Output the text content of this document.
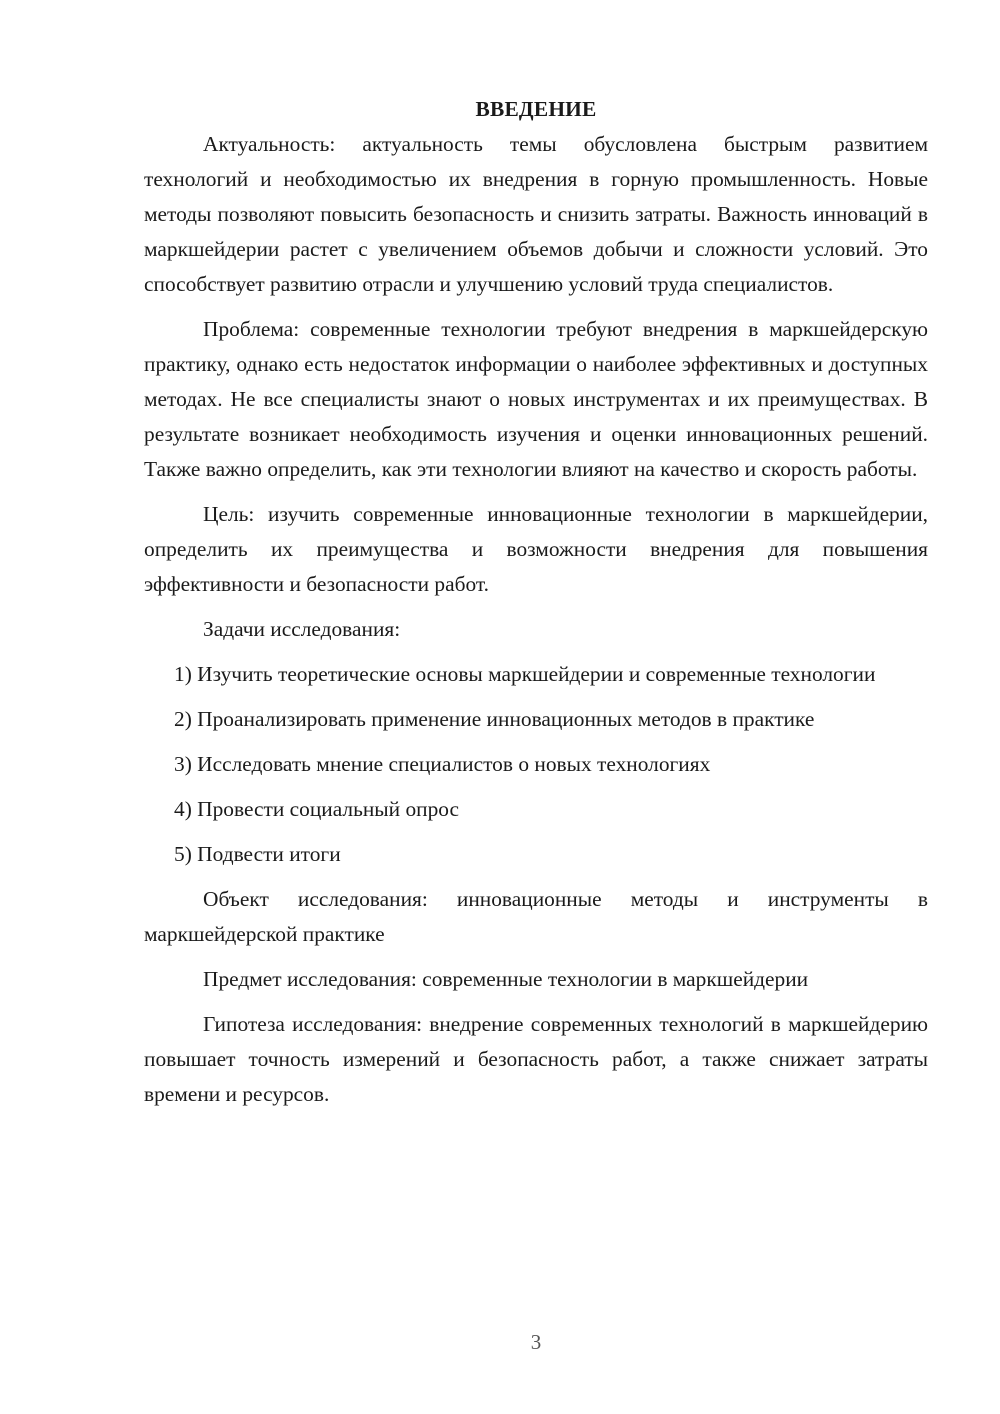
ВВЕДЕНИЕ

Актуальность: актуальность темы обусловлена быстрым развитием технологий и необходимостью их внедрения в горную промышленность. Новые методы позволяют повысить безопасность и снизить затраты. Важность инноваций в маркшейдерии растет с увеличением объемов добычи и сложности условий. Это способствует развитию отрасли и улучшению условий труда специалистов.

Проблема: современные технологии требуют внедрения в маркшейдерскую практику, однако есть недостаток информации о наиболее эффективных и доступных методах. Не все специалисты знают о новых инструментах и их преимуществах. В результате возникает необходимость изучения и оценки инновационных решений. Также важно определить, как эти технологии влияют на качество и скорость работы.

Цель: изучить современные инновационные технологии в маркшейдерии, определить их преимущества и возможности внедрения для повышения эффективности и безопасности работ.

Задачи исследования:

1) Изучить теоретические основы маркшейдерии и современные технологии

2) Проанализировать применение инновационных методов в практике

3) Исследовать мнение специалистов о новых технологиях

4) Провести социальный опрос

5) Подвести итоги

Объект исследования: инновационные методы и инструменты в маркшейдерской практике

Предмет исследования: современные технологии в маркшейдерии

Гипотеза исследования: внедрение современных технологий в маркшейдерию повышает точность измерений и безопасность работ, а также снижает затраты времени и ресурсов.

3
